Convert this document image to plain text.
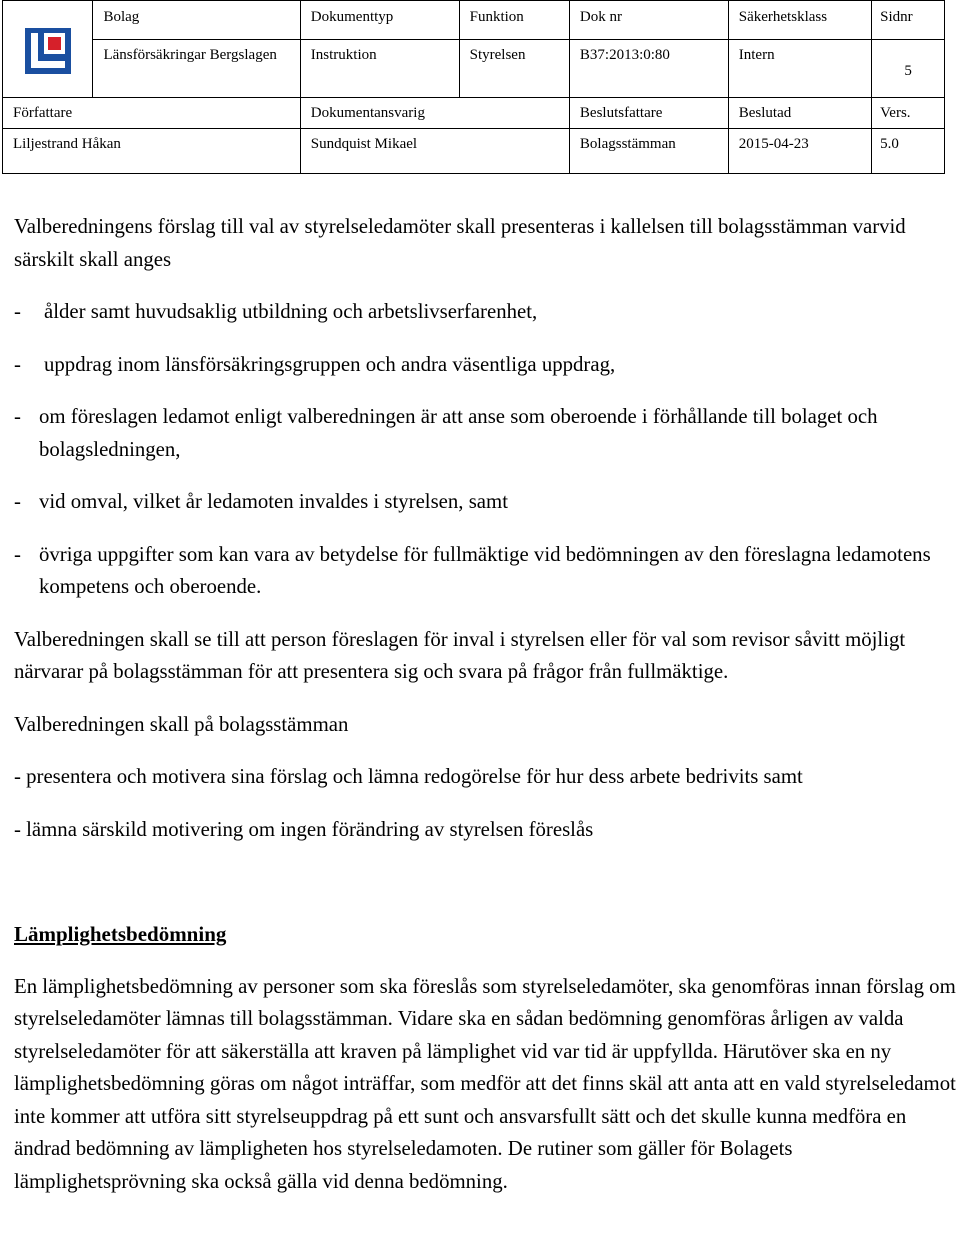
	Bolag	Dokumenttyp	Funktion	Dok nr	Säkerhetsklass	Sidnr
	Länsförsäkringar Bergslagen	Instruktion	Styrelsen	B37:2013:0:80	Intern	5
Författare		Dokumentansvarig		Beslutsfattare	Beslutad	Vers.
Liljestrand Håkan		Sundquist Mikael		Bolagsstämman	2015-04-23	5.0

Valberedningens förslag till val av styrelseledamöter skall presenteras i kallelsen till bolagsstämman varvid särskilt skall anges

-	ålder samt huvudsaklig utbildning och arbetslivserfarenhet,

-	uppdrag inom länsförsäkringsgruppen och andra väsentliga uppdrag,

- om föreslagen ledamot enligt valberedningen är att anse som oberoende i förhållande till bolaget och bolagsledningen,

- vid omval, vilket år ledamoten invaldes i styrelsen, samt

- övriga uppgifter som kan vara av betydelse för fullmäktige vid bedömningen av den föreslagna ledamotens kompetens och oberoende.

Valberedningen skall se till att person föreslagen för inval i styrelsen eller för val som revisor såvitt möjligt närvarar på bolagsstämman för att presentera sig och svara på frågor från fullmäktige.

Valberedningen skall på bolagsstämman

- presentera och motivera sina förslag och lämna redogörelse för hur dess arbete bedrivits samt

- lämna särskild motivering om ingen förändring av styrelsen föreslås

Lämplighetsbedömning

En lämplighetsbedömning av personer som ska föreslås som styrelseledamöter, ska genomföras innan förslag om styrelseledamöter lämnas till bolagsstämman. Vidare ska en sådan bedömning genomföras årligen av valda styrelseledamöter för att säkerställa att kraven på lämplighet vid var tid är uppfyllda. Härutöver ska en ny lämplighetsbedömning göras om något inträffar, som medför att det finns skäl att anta att en vald styrelseledamot inte kommer att utföra sitt styrelseuppdrag på ett sunt och ansvarsfullt sätt och det skulle kunna medföra en ändrad bedömning av lämpligheten hos styrelseledamoten. De rutiner som gäller för Bolagets lämplighetsprövning ska också gälla vid denna bedömning.
